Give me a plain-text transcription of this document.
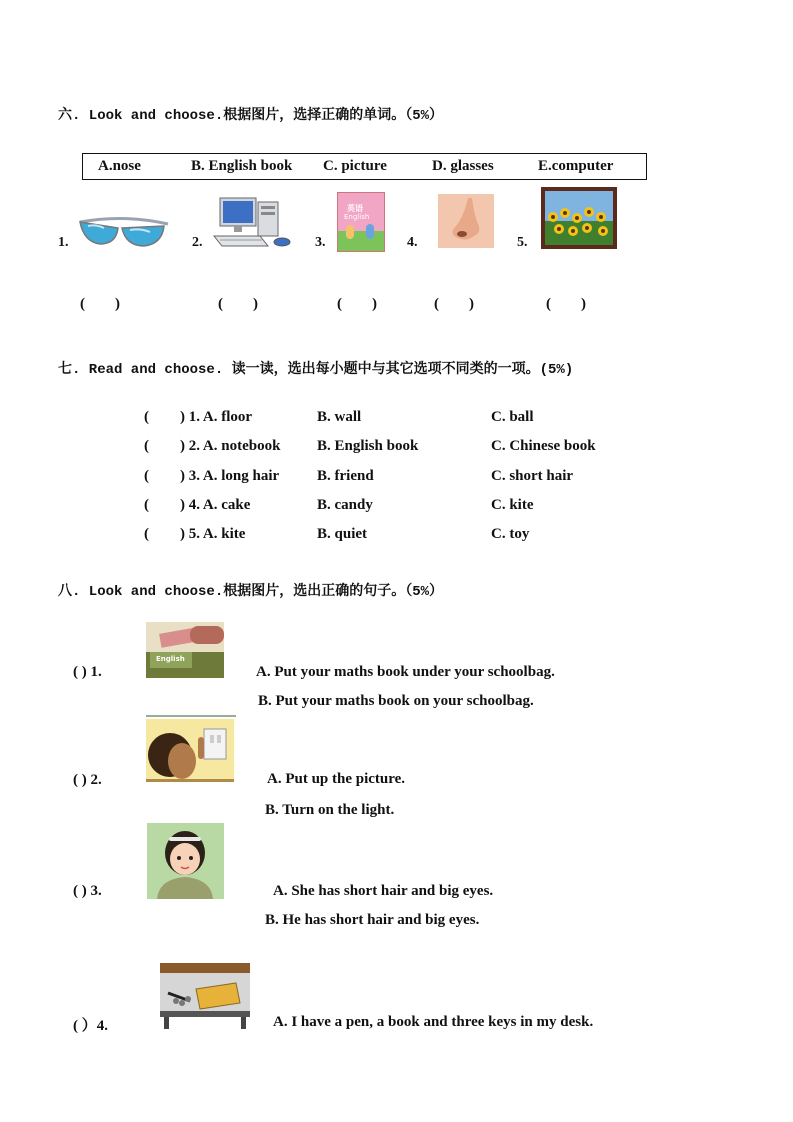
六. Look and choose.根据图片，选择正确的单词。（5%）
A.nose	B. English book C. picture	D. glasses	E.computer
1.	2.	3.	4.	5.
英语
English
(        )	(        )	(        )	(        )	(        )
七. Read and choose. 读一读，选出每小题中与其它选项不同类的一项。(5%)
( ) 1. A. floor	B. wall	C. ball
( ) 2. A. notebook B. English book	C. Chinese book
( ) 3. A. long hair	B. friend	C. short hair
( ) 4. A. cake	B. candy	C. kite
( ) 5. A. kite	B. quiet	C. toy
八. Look and choose.根据图片，选出正确的句子。（5%）
( ) 1.
English
A. Put your maths book under your schoolbag.
B. Put your maths book on your schoolbag.
( ) 2.	A. Put up the picture.
B. Turn on the light.
( ) 3.	A. She has short hair and big eyes.
B. He has short hair and big eyes.
( ）4.	A. I have a pen, a book and three keys in my desk.
